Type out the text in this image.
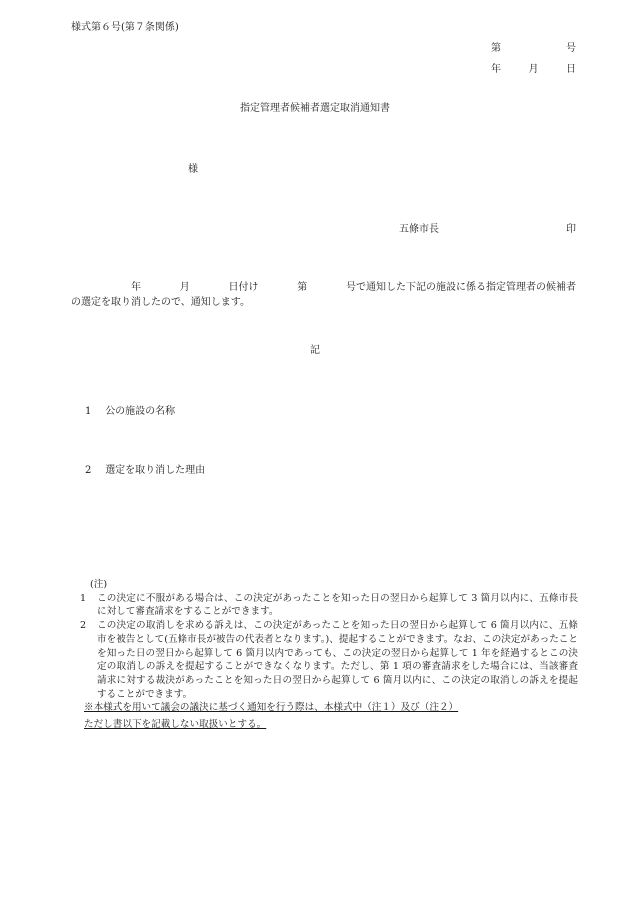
様式第６号(第７条関係)
第	号
年	月	日
指定管理者候補者選定取消通知書
様
五條市長	印
年	月	日付け	第	号で通知した下記の施設に係る指定管理者の候補者
の選定を取り消したので、通知します。
記
1 公の施設の名称
2 選定を取り消した理由
(注)
1	この決定に不服がある場合は、この決定があったことを知った日の翌日から起算して 3 箇月以内に、五條市長に対して審査請求をすることができます。
2	この決定の取消しを求める訴えは、この決定があったことを知った日の翌日から起算して 6 箇月以内に、五條市を被告として(五條市長が被告の代表者となります。)、提起することができます。なお、この決定があったことを知った日の翌日から起算して 6 箇月以内であっても、この決定の翌日から起算して 1 年を経過するとこの決定の取消しの訴えを提起することができなくなります。ただし、第 1 項の審査請求をした場合には、当該審査請求に対する裁決があったことを知った日の翌日から起算して 6 箇月以内に、この決定の取消しの訴えを提起することができます。
※本様式を用いて議会の議決に基づく通知を行う際は、本様式中（注１）及び（注２）
ただし書以下を記載しない取扱いとする。
